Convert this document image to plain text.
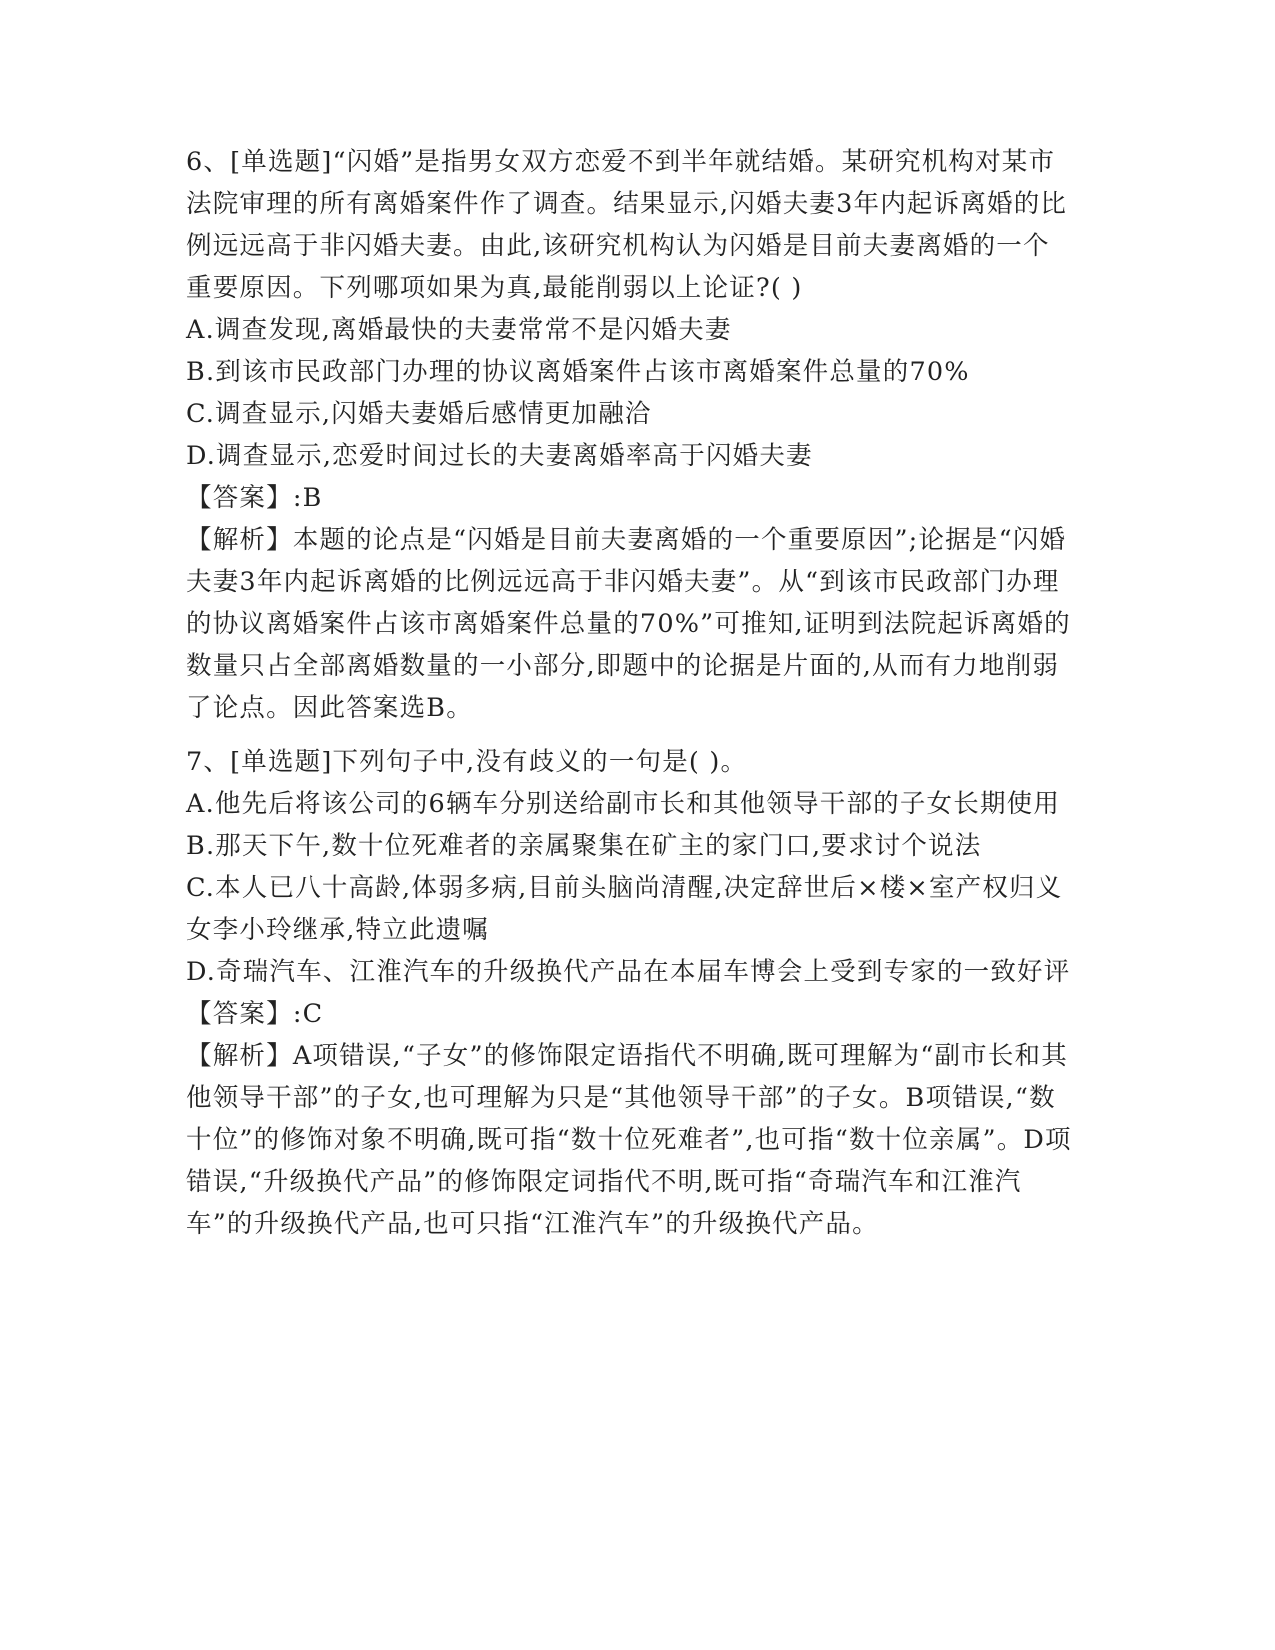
6、[单选题]“闪婚”是指男女双方恋爱不到半年就结婚。某研究机构对某市法院审理的所有离婚案件作了调查。结果显示,闪婚夫妻3年内起诉离婚的比例远远高于非闪婚夫妻。由此,该研究机构认为闪婚是目前夫妻离婚的一个重要原因。下列哪项如果为真,最能削弱以上论证?( )
A.调查发现,离婚最快的夫妻常常不是闪婚夫妻
B.到该市民政部门办理的协议离婚案件占该市离婚案件总量的70%
C.调查显示,闪婚夫妻婚后感情更加融洽
D.调查显示,恋爱时间过长的夫妻离婚率高于闪婚夫妻
【答案】:B
【解析】本题的论点是“闪婚是目前夫妻离婚的一个重要原因”;论据是“闪婚夫妻3年内起诉离婚的比例远远高于非闪婚夫妻”。从“到该市民政部门办理的协议离婚案件占该市离婚案件总量的70%”可推知,证明到法院起诉离婚的数量只占全部离婚数量的一小部分,即题中的论据是片面的,从而有力地削弱了论点。因此答案选B。
7、[单选题]下列句子中,没有歧义的一句是( )。
A.他先后将该公司的6辆车分别送给副市长和其他领导干部的子女长期使用
B.那天下午,数十位死难者的亲属聚集在矿主的家门口,要求讨个说法
C.本人已八十高龄,体弱多病,目前头脑尚清醒,决定辞世后×楼×室产权归义女李小玲继承,特立此遗嘱
D.奇瑞汽车、江淮汽车的升级换代产品在本届车博会上受到专家的一致好评
【答案】:C
【解析】A项错误,“子女”的修饰限定语指代不明确,既可理解为“副市长和其他领导干部”的子女,也可理解为只是“其他领导干部”的子女。B项错误,“数十位”的修饰对象不明确,既可指“数十位死难者”,也可指“数十位亲属”。D项错误,“升级换代产品”的修饰限定词指代不明,既可指“奇瑞汽车和江淮汽车”的升级换代产品,也可只指“江淮汽车”的升级换代产品。
